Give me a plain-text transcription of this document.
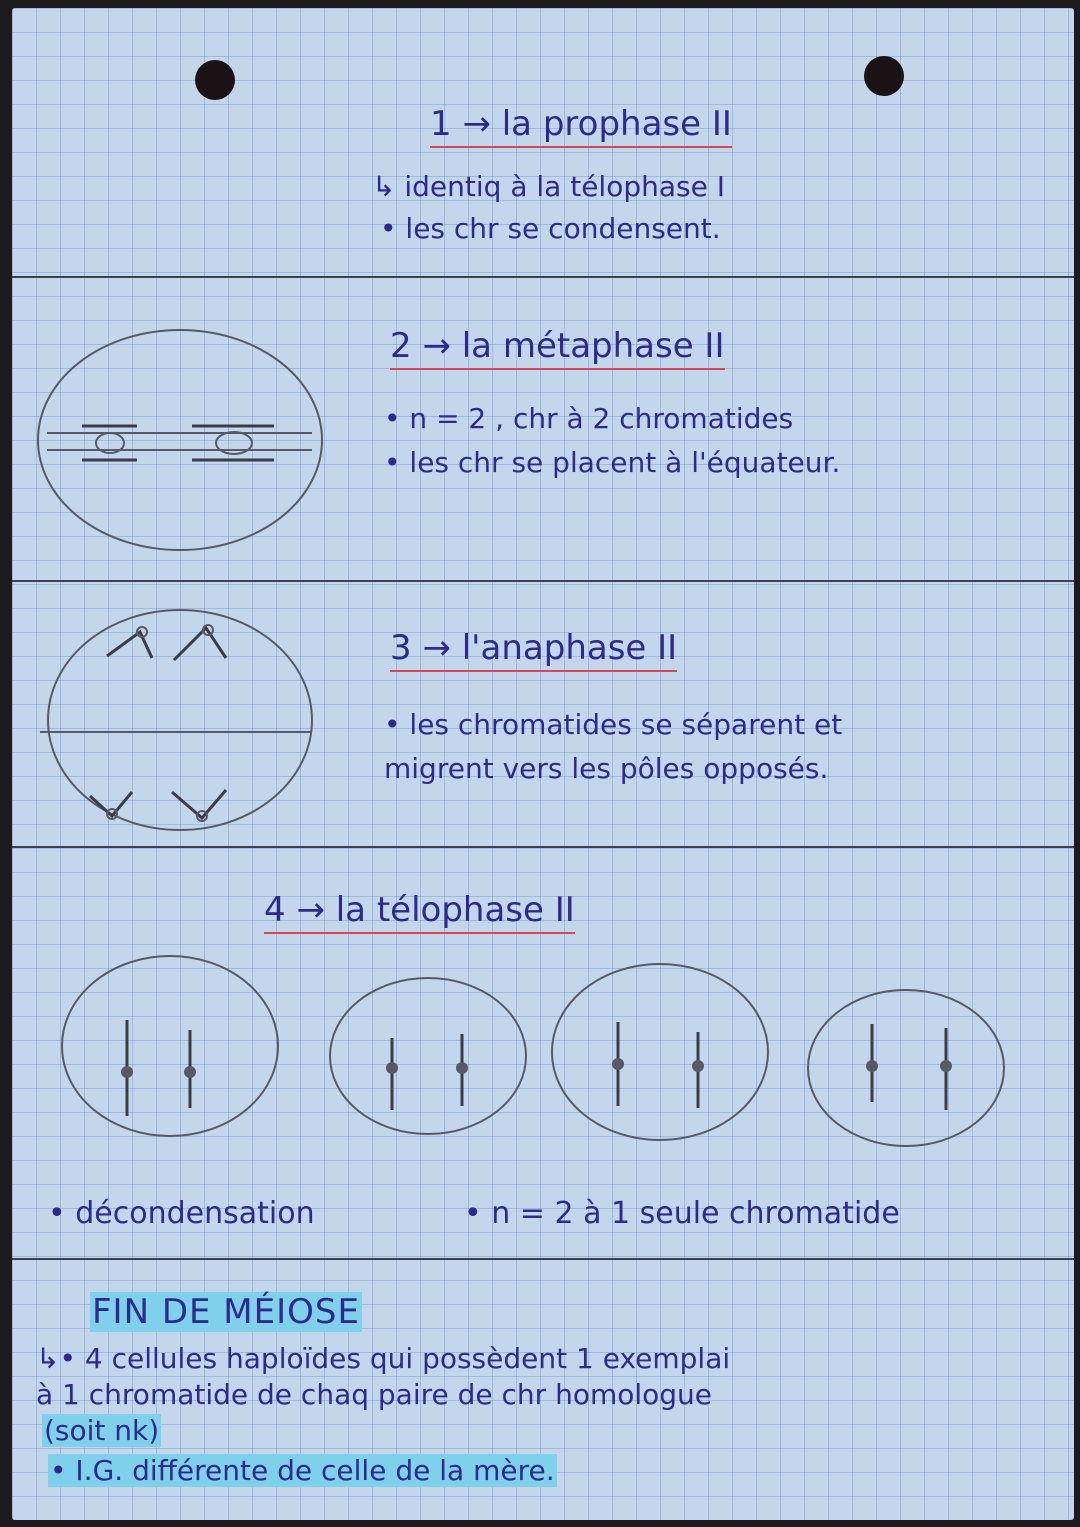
1 → la prophase II
↳ identiq à la télophase I
• les chr se condensent.
2 → la métaphase II
• n = 2 , chr à 2 chromatides
• les chr se placent à l'équateur.
3 → l'anaphase II
• les chromatides se séparent et
migrent vers les pôles opposés.
4 → la télophase II
• décondensation	• n = 2 à 1 seule chromatide
FIN DE MÉIOSE
↳• 4 cellules haploïdes qui possèdent 1 exemplai
à 1 chromatide de chaq paire de chr homologue
(soit nk)
• I.G. différente de celle de la mère.
